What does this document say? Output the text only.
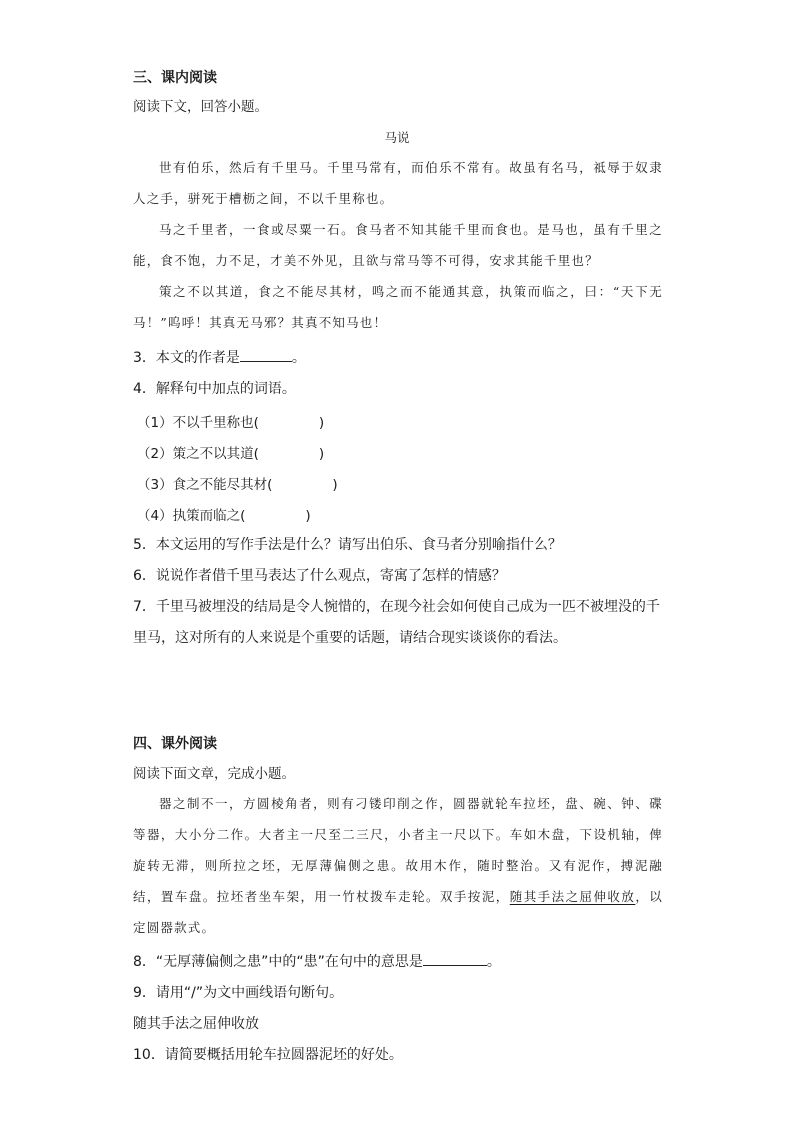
三、课内阅读
阅读下文，回答小题。
马说

世有伯乐，然后有千里马。千里马常有，而伯乐不常有。故虽有名马，祗辱于奴隶人之手，骈死于槽枥之间，不以千里称也。

马之千里者，一食或尽粟一石。食马者不知其能千里而食也。是马也，虽有千里之能，食不饱，力不足，才美不外见，且欲与常马等不可得，安求其能千里也？

策之不以其道，食之不能尽其材，鸣之而不能通其意，执策而临之，曰：“天下无马！”呜呼！其真无马邪？其真不知马也！

3．本文的作者是	。
4．解释句中加点的词语。
（1）不以千里称也(              )
（2）策之不以其道(              )
（3）食之不能尽其材(              )
（4）执策而临之(              )
5．本文运用的写作手法是什么？请写出伯乐、食马者分别喻指什么？
6．说说作者借千里马表达了什么观点，寄寓了怎样的情感？
7．千里马被埋没的结局是令人惋惜的，在现今社会如何使自己成为一匹不被埋没的千里马，这对所有的人来说是个重要的话题，请结合现实谈谈你的看法。
四、课外阅读
阅读下面文章，完成小题。

器之制不一，方圆棱角者，则有刁镂印削之作，圆器就轮车拉坯，盘、碗、钟、碟等器，大小分二作。大者主一尺至二三尺，小者主一尺以下。车如木盘，下设机轴，俾旋转无滞，则所拉之坯，无厚薄偏侧之患。故用木作，随时整治。又有泥作，搏泥融结，置车盘。拉坯者坐车架，用一竹杖拨车走轮。双手按泥，随其手法之屈伸收放，以定圆器款式。

8．“无厚薄偏侧之患”中的“患”在句中的意思是	。
9．请用“/”为文中画线语句断句。
随其手法之屈伸收放
10．请简要概括用轮车拉圆器泥坯的好处。
